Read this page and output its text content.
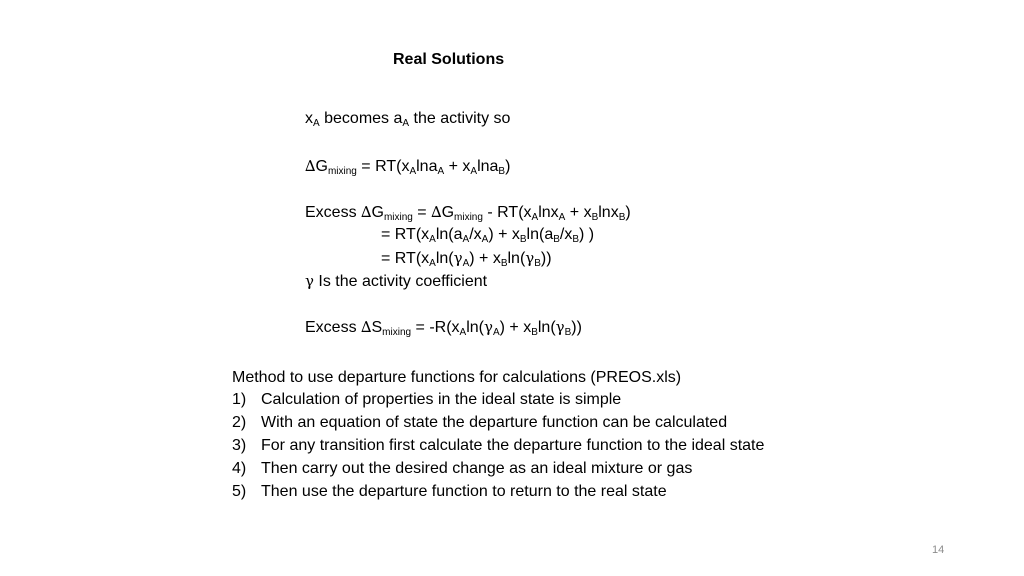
Real Solutions
$x_A$ becomes $a_A$ the activity so
$\Delta G_{mixing} = RT(x_A\ln a_A + x_A\ln a_B)$
Excess $\Delta G_{mixing} = \Delta G_{mixing} - RT(x_A\ln x_A + x_B\ln x_B)$
= $RT(x_A\ln(a_A/x_A) + x_B\ln(a_B/x_B)$ )
= $RT(x_A\ln(\gamma_A) + x_B\ln(\gamma_B))$
γ Is the activity coefficient
Excess $\Delta S_{mixing} = -R(x_A\ln(\gamma_A) + x_B\ln(\gamma_B))$
Method to use departure functions for calculations (PREOS.xls)
1) Calculation of properties in the ideal state is simple
2) With an equation of state the departure function can be calculated
3) For any transition first calculate the departure function to the ideal state
4) Then carry out the desired change as an ideal mixture or gas
5) Then use the departure function to return to the real state
14
